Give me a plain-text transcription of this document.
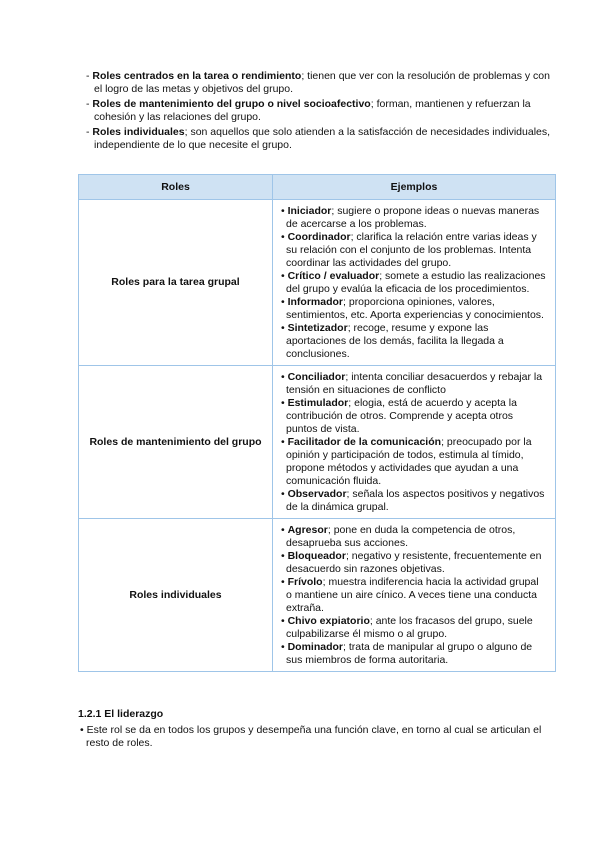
- Roles centrados en la tarea o rendimiento; tienen que ver con la resolución de problemas y con el logro de las metas y objetivos del grupo.
- Roles de mantenimiento del grupo o nivel socioafectivo; forman, mantienen y refuerzan la cohesión y las relaciones del grupo.
- Roles individuales; son aquellos que solo atienden a la satisfacción de necesidades individuales, independiente de lo que necesite el grupo.
Roles	Ejemplos
Roles para la tarea grupal	• Iniciador; sugiere o propone ideas o nuevas maneras de acercarse a los problemas.
• Coordinador; clarifica la relación entre varias ideas y su relación con el conjunto de los problemas. Intenta coordinar las actividades del grupo.
• Crítico / evaluador; somete a estudio las realizaciones del grupo y evalúa la eficacia de los procedimientos.
• Informador; proporciona opiniones, valores, sentimientos, etc. Aporta experiencias y conocimientos.
• Sintetizador; recoge, resume y expone las aportaciones de los demás, facilita la llegada a conclusiones.

Roles de mantenimiento del grupo	• Conciliador; intenta conciliar desacuerdos y rebajar la tensión en situaciones de conflicto
• Estimulador; elogia, está de acuerdo y acepta la contribución de otros. Comprende y acepta otros puntos de vista.
• Facilitador de la comunicación; preocupado por la opinión y participación de todos, estimula al tímido, propone métodos y actividades que ayudan a una comunicación fluida.
• Observador; señala los aspectos positivos y negativos de la dinámica grupal.

Roles individuales	• Agresor; pone en duda la competencia de otros, desaprueba sus acciones.
• Bloqueador; negativo y resistente, frecuentemente en desacuerdo sin razones objetivas.
• Frívolo; muestra indiferencia hacia la actividad grupal o mantiene un aire cínico. A veces tiene una conducta extraña.
• Chivo expiatorio; ante los fracasos del grupo, suele culpabilizarse él mismo o al grupo.
• Dominador; trata de manipular al grupo o alguno de sus miembros de forma autoritaria.
1.2.1 El liderazgo

• Este rol se da en todos los grupos y desempeña una función clave, en torno al cual se articulan el resto de roles.
